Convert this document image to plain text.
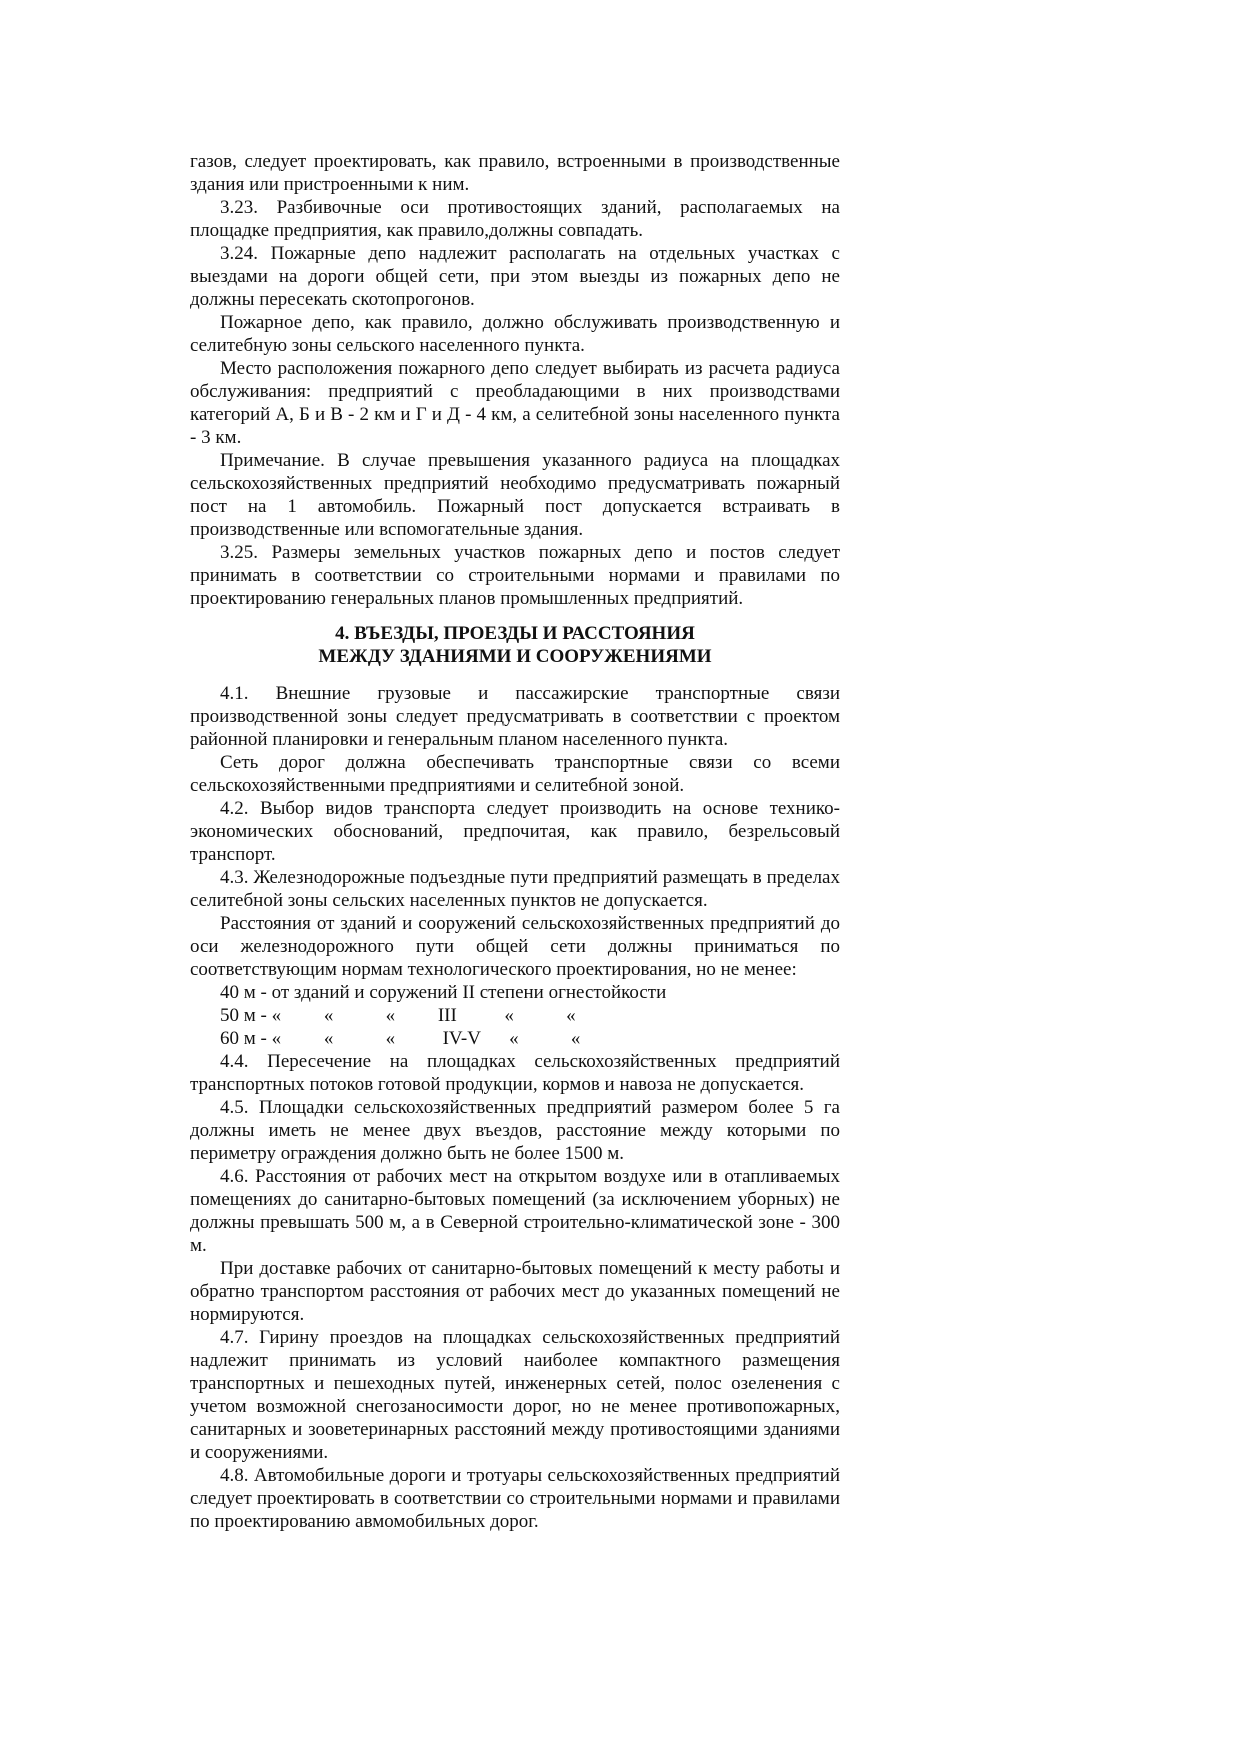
газов, следует проектировать, как правило, встроенными в производственные здания или пристроенными к ним.

3.23. Разбивочные оси противостоящих зданий, располагаемых на площадке предприятия, как правило,должны совпадать.

3.24. Пожарные депо надлежит располагать на отдельных участках с выездами на дороги общей сети, при этом выезды из пожарных депо не должны пересекать скотопрогонов.

Пожарное депо, как правило, должно обслуживать производственную и селитебную зоны сельского населенного пункта.

Место расположения пожарного депо следует выбирать из расчета радиуса обслуживания: предприятий с преобладающими в них производствами категорий А, Б и В - 2 км и Г и Д - 4 км, а селитебной зоны населенного пункта - 3 км.

Примечание. В случае превышения указанного радиуса на площадках сельскохозяйственных предприятий необходимо предусматривать пожарный пост на 1 автомобиль. Пожарный пост допускается встраивать в производственные или вспомогательные здания.

3.25. Размеры земельных участков пожарных депо и постов следует принимать в соответствии со строительными нормами и правилами по проектированию генеральных планов промышленных предприятий.

4. ВЪЕЗДЫ, ПРОЕЗДЫ И РАССТОЯНИЯ
МЕЖДУ ЗДАНИЯМИ И СООРУЖЕНИЯМИ

4.1. Внешние грузовые и пассажирские транспортные связи производственной зоны следует предусматривать в соответствии с проектом районной планировки и генеральным планом населенного пункта.

Сеть дорог должна обеспечивать транспортные связи со всеми сельскохозяйственными предприятиями и селитебной зоной.

4.2. Выбор видов транспорта следует производить на основе технико-экономических обоснований, предпочитая, как правило, безрельсовый транспорт.

4.3. Железнодорожные подъездные пути предприятий размещать в пределах селитебной зоны сельских населенных пунктов не допускается.

Расстояния от зданий и сооружений сельскохозяйственных предприятий до оси железнодорожного пути общей сети должны приниматься по соответствующим нормам технологического проектирования, но не менее:

40 м - от зданий и соружений II степени огнестойкости

50 м - «         «           «         III          «           «

60 м - «         «           «          IV-V      «           «

4.4. Пересечение на площадках сельскохозяйственных предприятий транспортных потоков готовой продукции, кормов и навоза не допускается.

4.5. Площадки сельскохозяйственных предприятий размером более 5 га должны иметь не менее двух въездов, расстояние между которыми по периметру ограждения должно быть не более 1500 м.

4.6. Расстояния от рабочих мест на открытом воздухе или в отапливаемых помещениях до санитарно-бытовых помещений (за исключением уборных) не должны превышать 500 м, а в Северной строительно-климатической зоне - 300 м.

При доставке рабочих от санитарно-бытовых помещений к месту работы и обратно транспортом расстояния от рабочих мест до указанных помещений не нормируются.

4.7. Гирину проездов на площадках сельскохозяйственных предприятий надлежит принимать из условий наиболее компактного размещения транспортных и пешеходных путей, инженерных сетей, полос озеленения с учетом возможной снегозаносимости дорог, но не менее противопожарных, санитарных и зооветеринарных расстояний между противостоящими зданиями и сооружениями.

4.8. Автомобильные дороги и тротуары сельскохозяйственных предприятий следует проектировать в соответствии со строительными нормами и правилами по проектированию авмомобильных дорог.
